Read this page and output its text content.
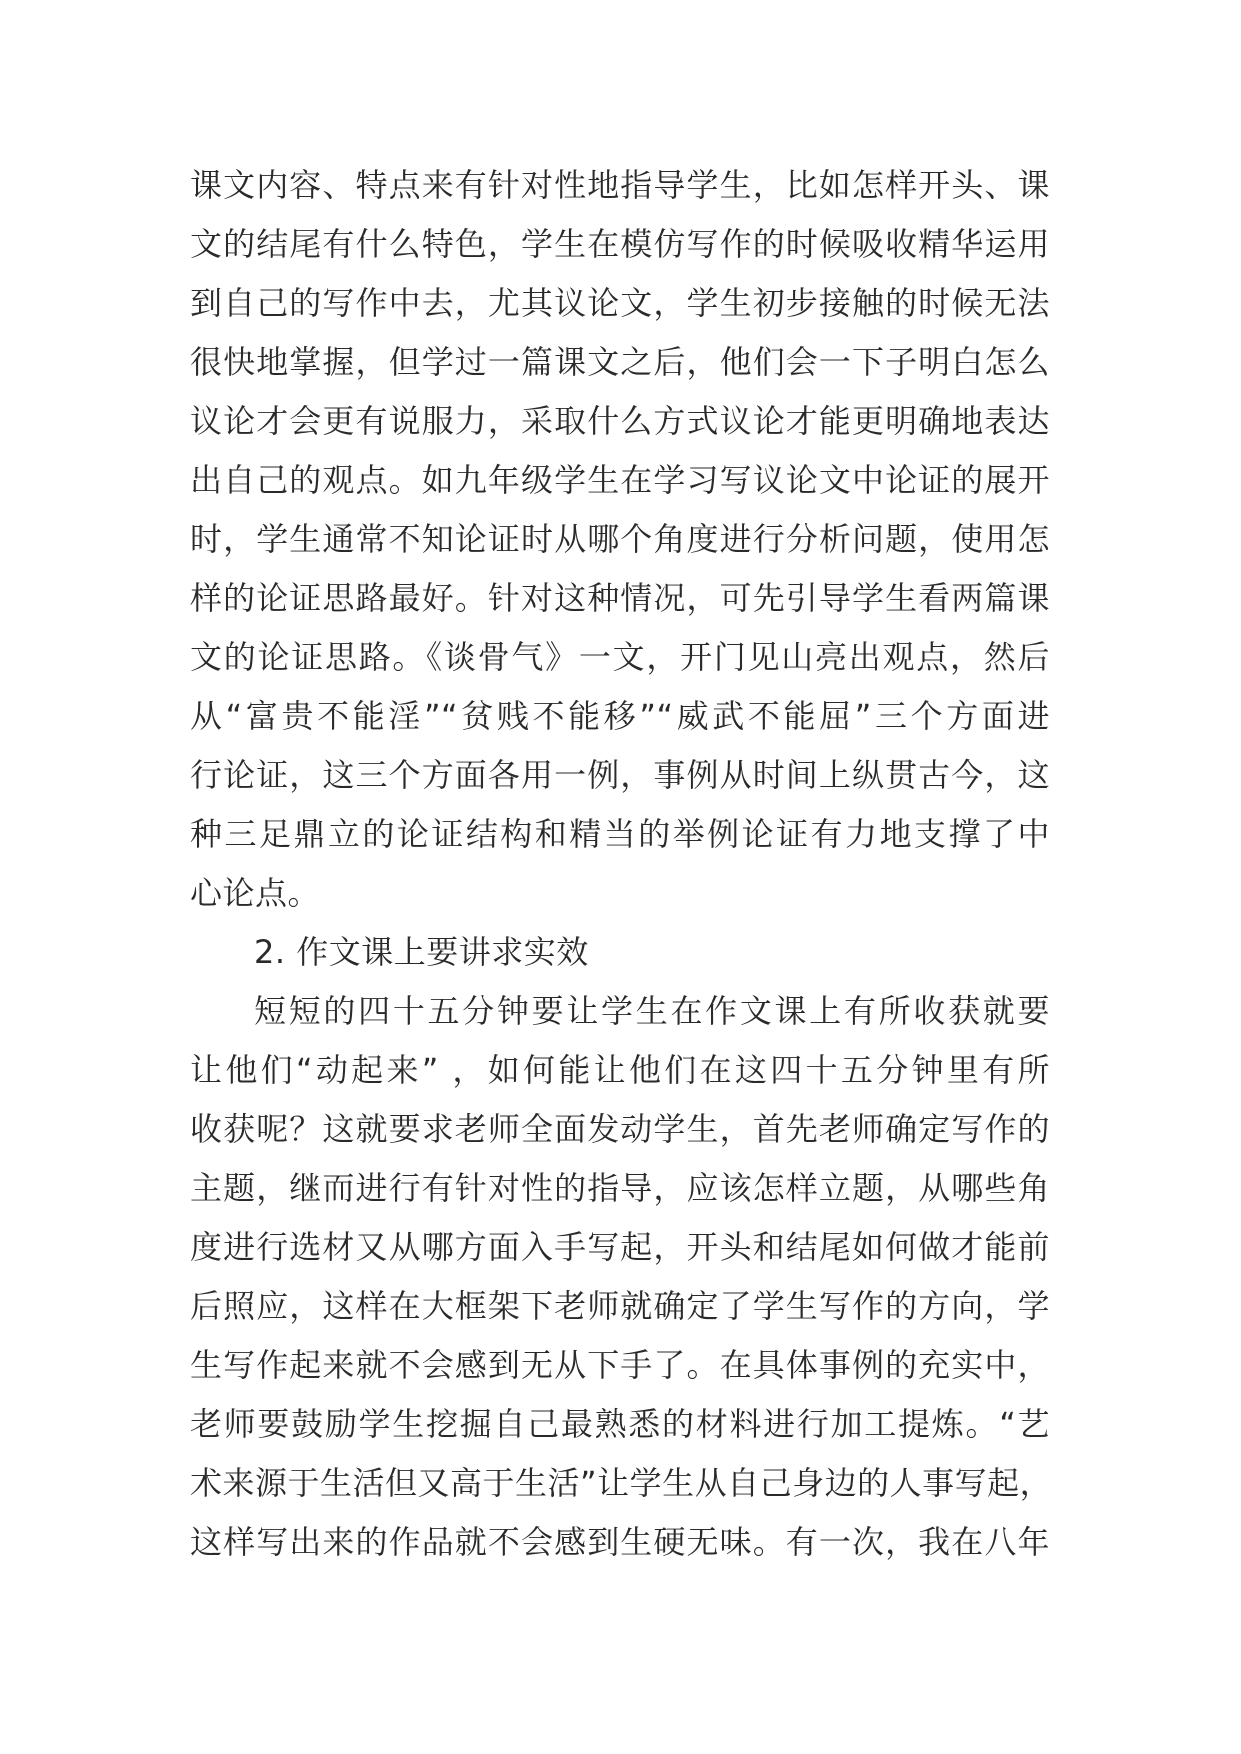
课文内容、特点来有针对性地指导学生，比如怎样开头、课
文的结尾有什么特色，学生在模仿写作的时候吸收精华运用
到自己的写作中去，尤其议论文，学生初步接触的时候无法
很快地掌握，但学过一篇课文之后，他们会一下子明白怎么
议论才会更有说服力，采取什么方式议论才能更明确地表达
出自己的观点。如九年级学生在学习写议论文中论证的展开
时，学生通常不知论证时从哪个角度进行分析问题，使用怎
样的论证思路最好。针对这种情况，可先引导学生看两篇课
文的论证思路。《谈骨气》一文，开门见山亮出观点，然后
从“富贵不能淫”“贫贱不能移”“威武不能屈”三个方面进
行论证，这三个方面各用一例，事例从时间上纵贯古今，这
种三足鼎立的论证结构和精当的举例论证有力地支撑了中
心论点。
2. 作文课上要讲求实效
短短的四十五分钟要让学生在作文课上有所收获就要
让他们“动起来” ，如何能让他们在这四十五分钟里有所
收获呢？这就要求老师全面发动学生，首先老师确定写作的
主题，继而进行有针对性的指导，应该怎样立题，从哪些角
度进行选材又从哪方面入手写起，开头和结尾如何做才能前
后照应，这样在大框架下老师就确定了学生写作的方向，学
生写作起来就不会感到无从下手了。在具体事例的充实中，
老师要鼓励学生挖掘自己最熟悉的材料进行加工提炼。“艺
术来源于生活但又高于生活”让学生从自己身边的人事写起，
这样写出来的作品就不会感到生硬无味。有一次，我在八年
